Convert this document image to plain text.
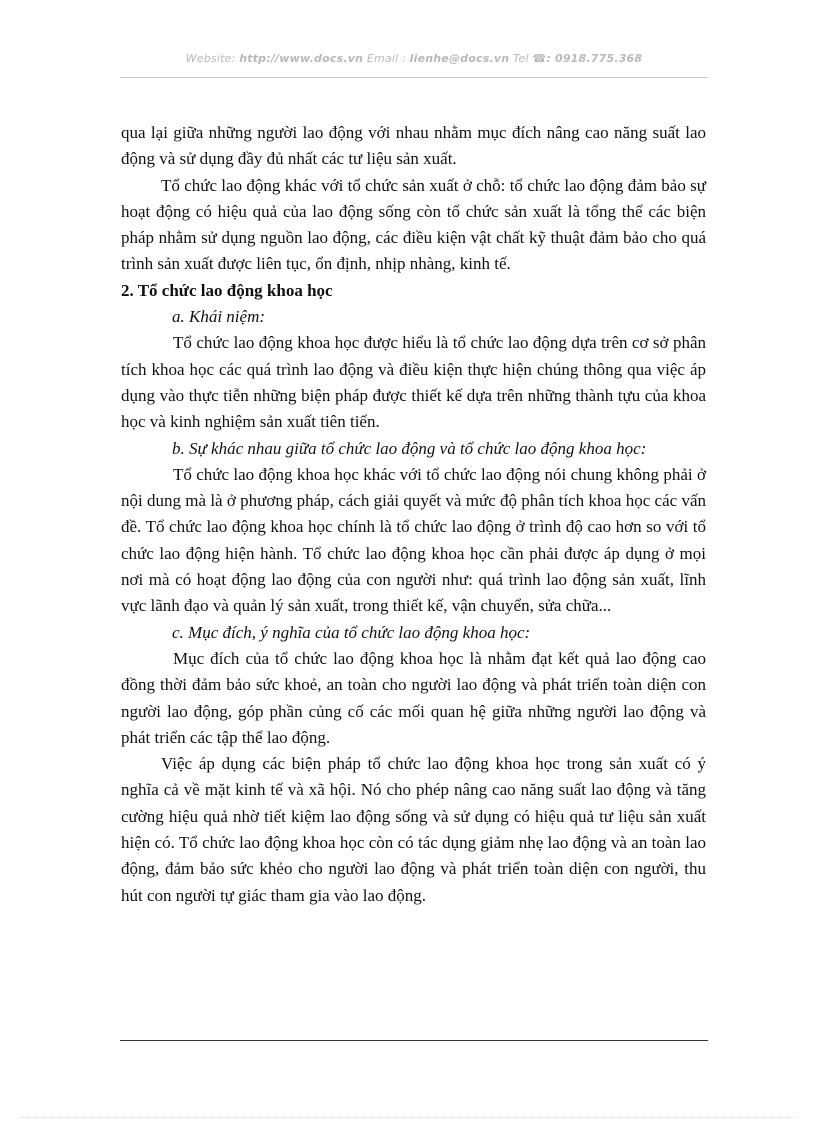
Website: http://www.docs.vn Email : lienhe@docs.vn Tel ☎: 0918.775.368

qua lại giữa những người lao động với nhau nhằm mục đích nâng cao năng suất lao động và sử dụng đầy đủ nhất các tư liệu sản xuất.

Tổ chức lao động khác với tổ chức sản xuất ở chỗ: tổ chức lao động đảm bảo sự hoạt động có hiệu quả của lao động sống còn tổ chức sản xuất là tổng thể các biện pháp nhằm sử dụng nguồn lao động, các điều kiện vật chất kỹ thuật đảm bảo cho quá trình sản xuất được liên tục, ổn định, nhịp nhàng, kinh tế.

2. Tổ chức lao động khoa học

a. Khái niệm:

Tổ chức lao động khoa học được hiểu là tổ chức lao động dựa trên cơ sở phân tích khoa học các quá trình lao động và điều kiện thực hiện chúng thông qua việc áp dụng vào thực tiễn những biện pháp được thiết kế dựa trên những thành tựu của khoa học và kinh nghiệm sản xuất tiên tiến.

b. Sự khác nhau giữa tổ chức lao động và tổ chức lao động khoa học:

Tổ chức lao động khoa học khác với tổ chức lao động nói chung không phải ở nội dung mà là ở phương pháp, cách giải quyết và mức độ phân tích khoa học các vấn đề. Tổ chức lao động khoa học chính là tổ chức lao động ở trình độ cao hơn so với tổ chức lao động hiện hành. Tổ chức lao động khoa học cần phải được áp dụng ở mọi nơi mà có hoạt động lao động của con người như: quá trình lao động sản xuất, lĩnh vực lãnh đạo và quản lý sản xuất, trong thiết kế, vận chuyển, sửa chữa...

c. Mục đích, ý nghĩa của tổ chức lao động khoa học:

Mục đích của tổ chức lao động khoa học là nhằm đạt kết quả lao động cao đồng thời đảm bảo sức khoẻ, an toàn cho người lao động và phát triển toàn diện con người lao động, góp phần củng cố các mối quan hệ giữa những người lao động và phát triển các tập thể lao động.

Việc áp dụng các biện pháp tổ chức lao động khoa học trong sản xuất có ý nghĩa cả về mặt kinh tế và xã hội. Nó cho phép nâng cao năng suất lao động và tăng cường hiệu quả nhờ tiết kiệm lao động sống và sử dụng có hiệu quả tư liệu sản xuất hiện có. Tổ chức lao động khoa học còn có tác dụng giảm nhẹ lao động và an toàn lao động, đảm bảo sức khẻo cho người lao động và phát triển toàn diện con người, thu hút con người tự giác tham gia vào lao động.
